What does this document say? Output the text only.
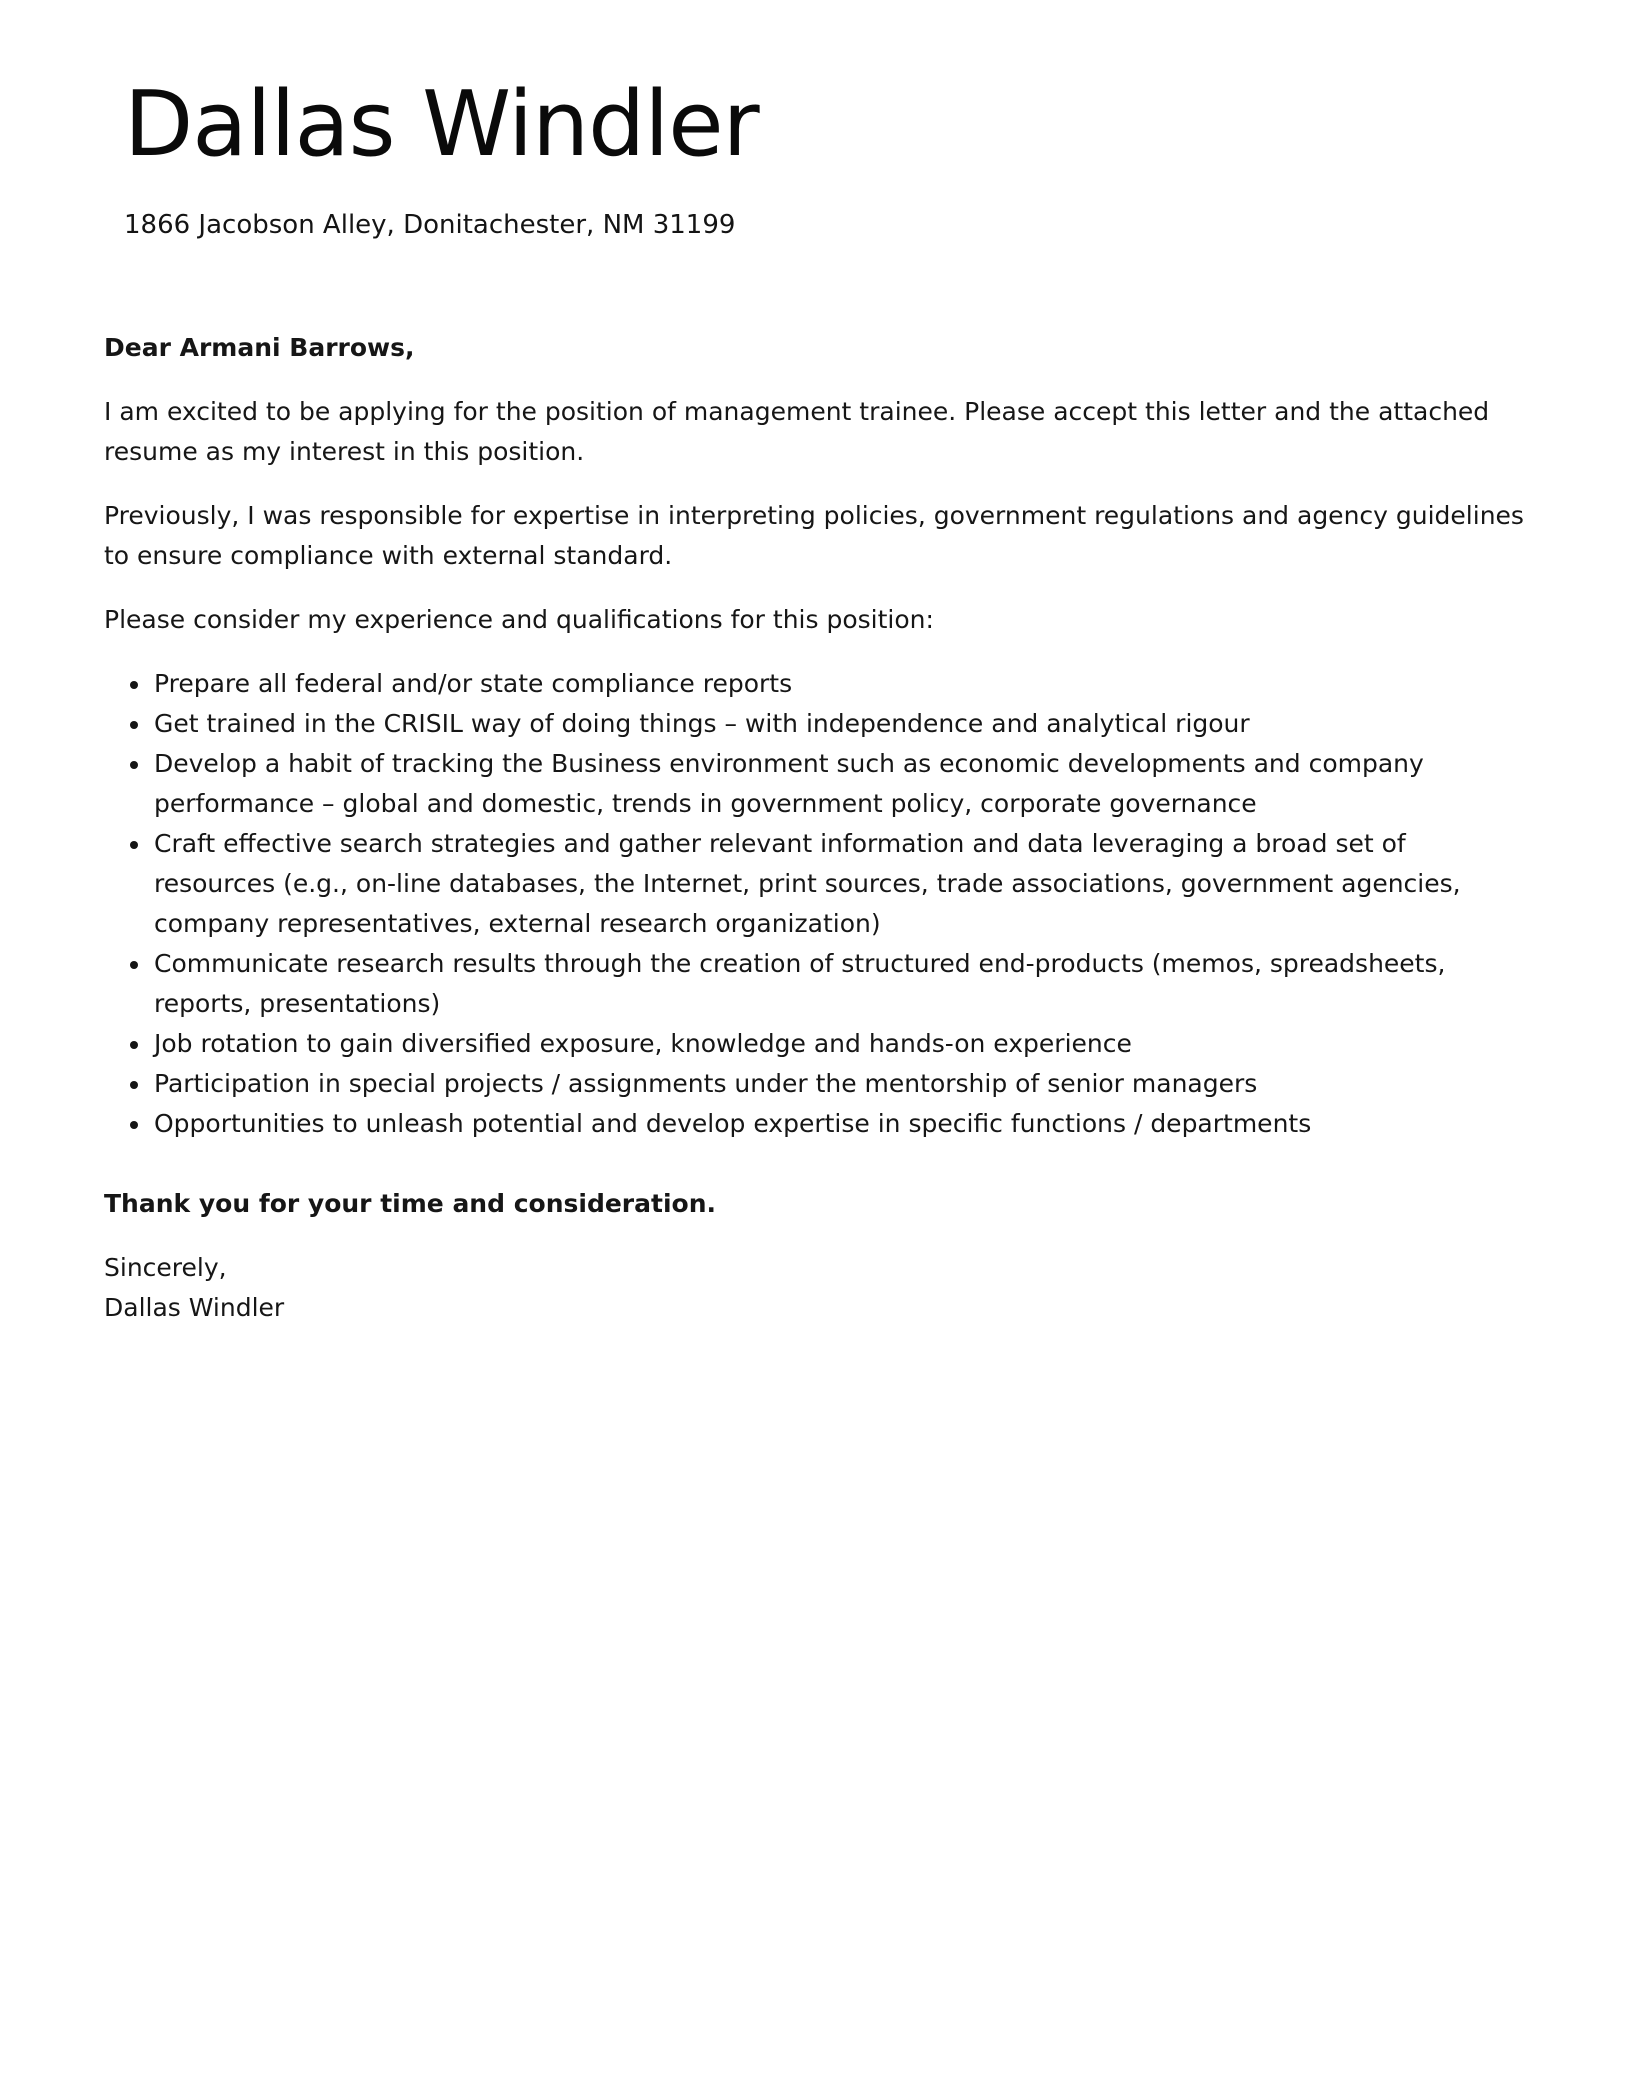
Dallas Windler
1866 Jacobson Alley, Donitachester, NM 31199

Dear Armani Barrows,

I am excited to be applying for the position of management trainee. Please accept this letter and the attached resume as my interest in this position.

Previously, I was responsible for expertise in interpreting policies, government regulations and agency guidelines to ensure compliance with external standard.

Please consider my experience and qualifications for this position:

• Prepare all federal and/or state compliance reports
• Get trained in the CRISIL way of doing things – with independence and analytical rigour
• Develop a habit of tracking the Business environment such as economic developments and company performance – global and domestic, trends in government policy, corporate governance
• Craft effective search strategies and gather relevant information and data leveraging a broad set of resources (e.g., on-line databases, the Internet, print sources, trade associations, government agencies, company representatives, external research organization)
• Communicate research results through the creation of structured end-products (memos, spreadsheets, reports, presentations)
• Job rotation to gain diversified exposure, knowledge and hands-on experience
• Participation in special projects / assignments under the mentorship of senior managers
• Opportunities to unleash potential and develop expertise in specific functions / departments

Thank you for your time and consideration.

Sincerely,

Dallas Windler
